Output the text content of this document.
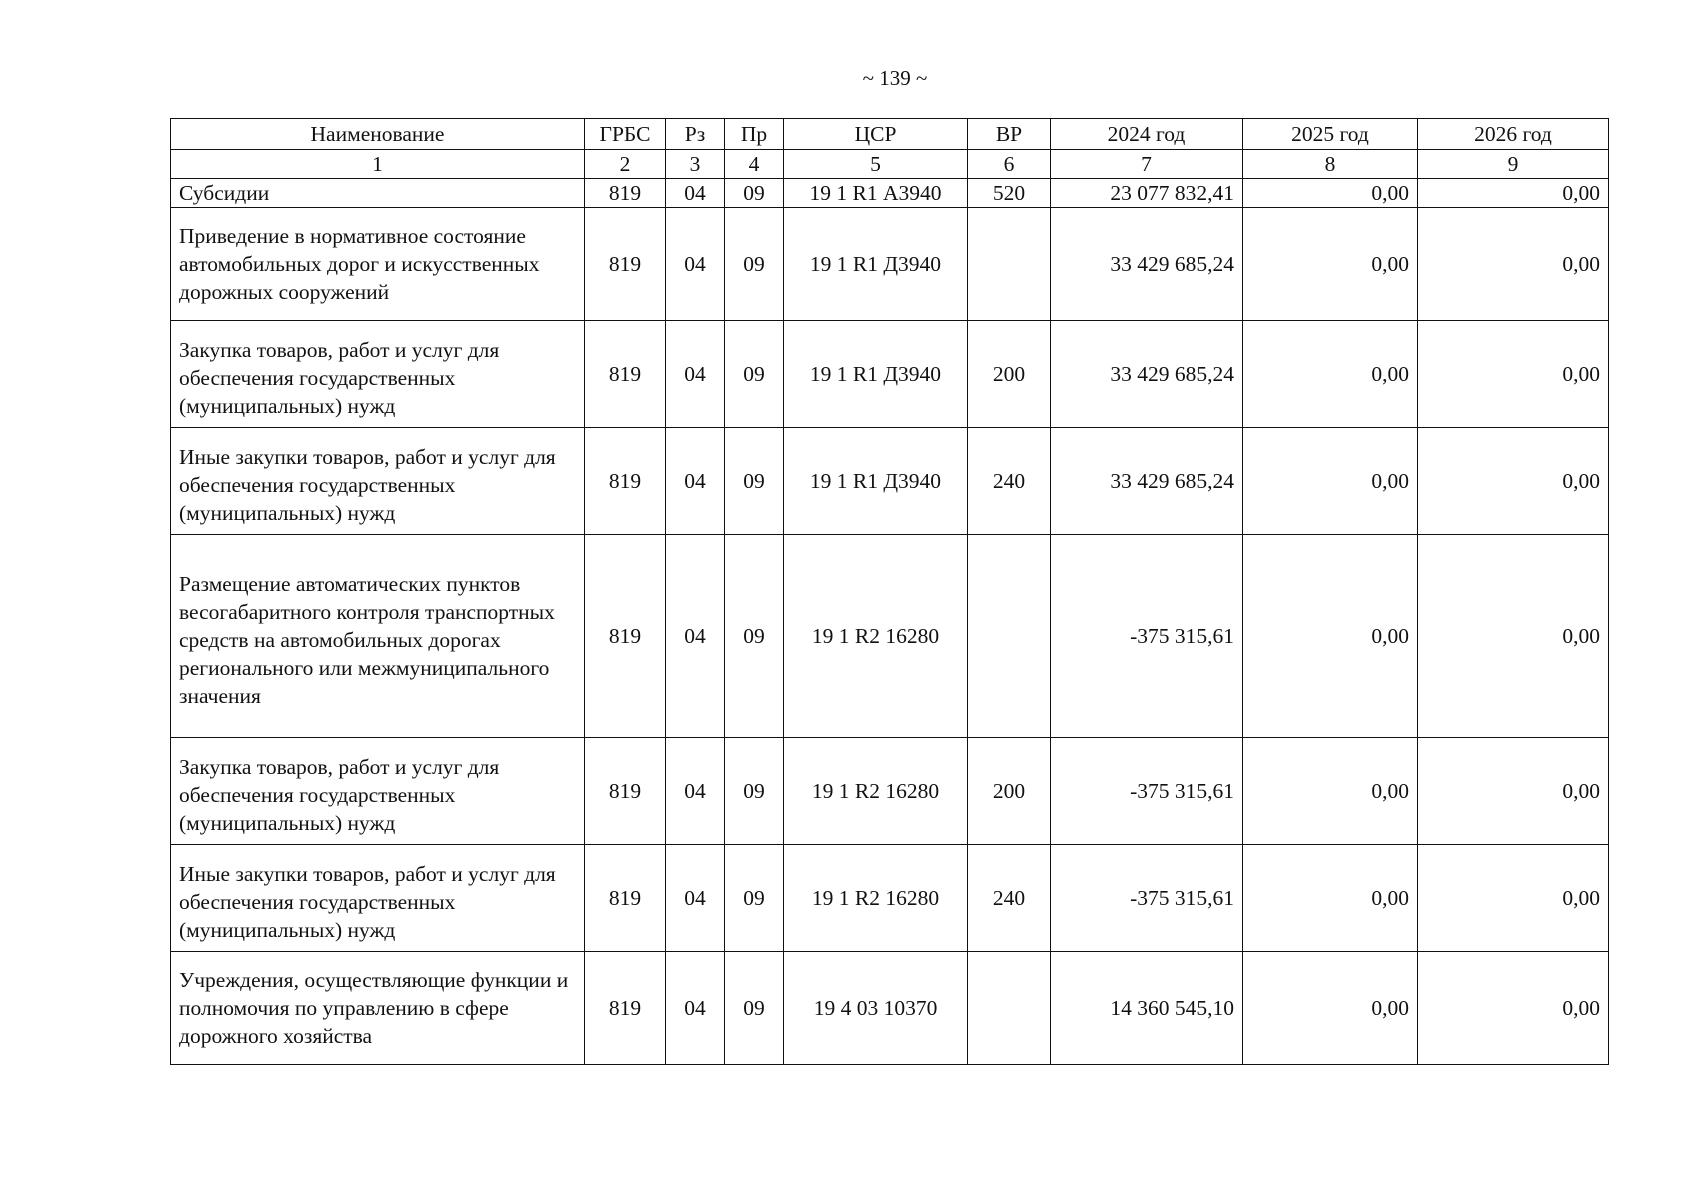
~ 139 ~
Наименование	ГРБС	Рз	Пр	ЦСР	ВР	2024 год	2025 год	2026 год
1	2	3	4	5	6	7	8	9
Субсидии	819	04	09	19 1 R1 А3940	520	23 077 832,41	0,00	0,00
Приведение в нормативное состояние автомобильных дорог и искусственных дорожных сооружений	819	04	09	19 1 R1 Д3940		33 429 685,24	0,00	0,00
Закупка товаров, работ и услуг для обеспечения государственных (муниципальных) нужд	819	04	09	19 1 R1 Д3940	200	33 429 685,24	0,00	0,00
Иные закупки товаров, работ и услуг для обеспечения государственных (муниципальных) нужд	819	04	09	19 1 R1 Д3940	240	33 429 685,24	0,00	0,00
Размещение автоматических пунктов весогабаритного контроля транспортных средств на автомобильных дорогах регионального или межмуниципального значения	819	04	09	19 1 R2 16280		-375 315,61	0,00	0,00
Закупка товаров, работ и услуг для обеспечения государственных (муниципальных) нужд	819	04	09	19 1 R2 16280	200	-375 315,61	0,00	0,00
Иные закупки товаров, работ и услуг для обеспечения государственных (муниципальных) нужд	819	04	09	19 1 R2 16280	240	-375 315,61	0,00	0,00
Учреждения, осуществляющие функции и полномочия по управлению в сфере дорожного хозяйства	819	04	09	19 4 03 10370		14 360 545,10	0,00	0,00
